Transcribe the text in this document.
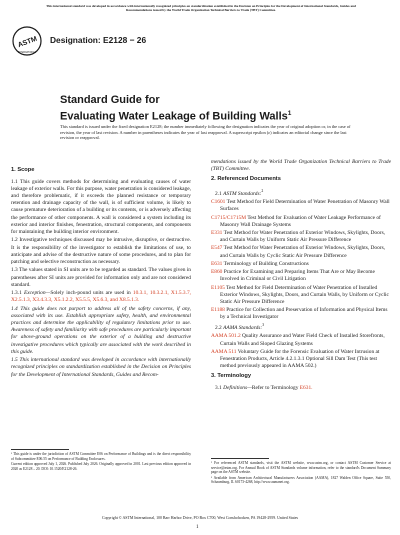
This international standard was developed in accordance with internationally recognized principles on standardization established in the Decision on Principles for the Development of International Standards, Guides and Recommendations issued by the World Trade Organization Technical Barriers to Trade (TBT) Committee.
ASTM
INTERNATIONAL
Designation: E2128 − 26
Standard Guide for
Evaluating Water Leakage of Building Walls$^1$
This standard is issued under the fixed designation E2128; the number immediately following the designation indicates the year of original adoption or, in the case of revision, the year of last revision. A number in parentheses indicates the year of last reapproval. A superscript epsilon (ε) indicates an editorial change since the last revision or reapproval.

1. Scope

1.1 This guide covers methods for determining and evaluating causes of water leakage of exterior walls. For this purpose, water penetration is considered leakage, and therefore problematic, if it exceeds the planned resistance or temporary retention and drainage capacity of the wall, is of sufficient volume, is likely to cause premature deterioration of a building or its contents, or is adversely affecting the performance of other components. A wall is considered a system including its exterior and interior finishes, fenestration, structural components, and components for maintaining the building interior environment.

1.2 Investigative techniques discussed may be intrusive, disruptive, or destructive. It is the responsibility of the investigator to establish the limitations of use, to anticipate and advise of the destructive nature of some procedures, and to plan for patching and selective reconstruction as necessary.

1.3 The values stated in SI units are to be regarded as standard. The values given in parentheses after SI units are provided for information only and are not considered standard.

1.3.1 Exception—Solely inch-pound units are used in 10.3.1, 10.3.2.1, X1.5.3.7, X2.5.1.3, X3.4.3.3, X5.1.2.2, X5.5.5, X5.6.3, and X8.5.1.3.

1.4 This guide does not purport to address all of the safety concerns, if any, associated with its use. Establish appropriate safety, health, and environmental practices and determine the applicability of regulatory limitations prior to use. Awareness of safety and familiarity with safe procedures are particularly important for above-ground operations on the exterior of a building and destructive investigative procedures which typically are associated with the work described in this guide.

1.5 This international standard was developed in accordance with internationally recognized principles on standardization established in the Decision on Principles for the Development of International Standards, Guides and Recom-

¹ This guide is under the jurisdiction of ASTM Committee E06 on Performance of Buildings and is the direct responsibility of Subcommittee E06.55 on Performance of Building Enclosures.
Current edition approved July 1, 2026. Published July 2026. Originally approved in 2001. Last previous edition approved in 2020 as E2128 – 20. DOI: 10.1520/E2128-26.

mendations issued by the World Trade Organization Technical Barriers to Trade (TBT) Committee.

2. Referenced Documents

2.1 ASTM Standards:$^2$

C1601 Test Method for Field Determination of Water Penetration of Masonry Wall Surfaces

C1715/C1715M Test Method for Evaluation of Water Leakage Performance of Masonry Wall Drainage Systems

E331 Test Method for Water Penetration of Exterior Windows, Skylights, Doors, and Curtain Walls by Uniform Static Air Pressure Difference

E547 Test Method for Water Penetration of Exterior Windows, Skylights, Doors, and Curtain Walls by Cyclic Static Air Pressure Difference

E631 Terminology of Building Constructions

E860 Practice for Examining and Preparing Items That Are or May Become Involved in Criminal or Civil Litigation

E1105 Test Method for Field Determination of Water Penetration of Installed Exterior Windows, Skylights, Doors, and Curtain Walls, by Uniform or Cyclic Static Air Pressure Difference

E1188 Practice for Collection and Preservation of Information and Physical Items by a Technical Investigator

2.2 AAMA Standards:$^3$

AAMA 501.2 Quality Assurance and Water Field Check of Installed Storefronts, Curtain Walls and Sloped Glazing Systems

AAMA 511 Voluntary Guide for the Forensic Evaluation of Water Intrusion at Fenestration Products, Article 4.2.1.3.1 Optional Sill Dam Test (This test method previously appeared in AAMA 502.)

3. Terminology

3.1 Definitions—Refer to Terminology E631.

² For referenced ASTM standards, visit the ASTM website, www.astm.org, or contact ASTM Customer Service at service@astm.org. For Annual Book of ASTM Standards volume information, refer to the standard's Document Summary page on the ASTM website.
³ Available from American Architectural Manufacturers Association (AAMA), 1827 Walden Office Square, Suite 550, Schaumburg, IL 60173-4268, http://www.aamanet.org.
Copyright © ASTM International, 100 Barr Harbor Drive, PO Box C700, West Conshohocken, PA 19428-2959. United States
1
